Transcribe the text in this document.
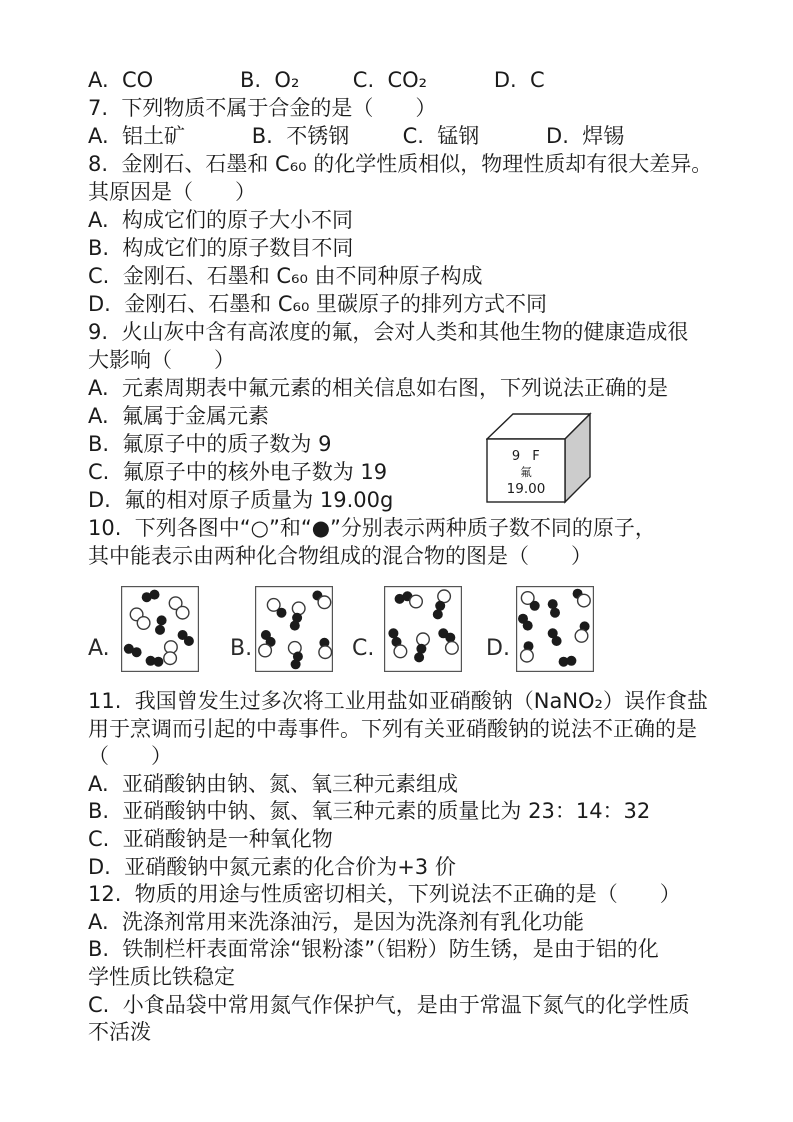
A.  CO             B.  O₂        C.  CO₂          D.  C
7.  下列物质不属于合金的是（　　）
A.  铝土矿          B.  不锈钢        C.  锰钢          D.  焊锡
8.  金刚石、石墨和 C₆₀ 的化学性质相似，物理性质却有很大差异。
其原因是（　　）
A.  构成它们的原子大小不同
B.  构成它们的原子数目不同
C.  金刚石、石墨和 C₆₀ 由不同种原子构成
D.  金刚石、石墨和 C₆₀ 里碳原子的排列方式不同
9.  火山灰中含有高浓度的氟，会对人类和其他生物的健康造成很
大影响（　　）
A.  元素周期表中氟元素的相关信息如右图，下列说法正确的是
A.  氟属于金属元素
B.  氟原子中的质子数为 9
C.  氟原子中的核外电子数为 19
D.  氟的相对原子质量为 19.00g
10.  下列各图中“○”和“●”分别表示两种质子数不同的原子，
其中能表示由两种化合物组成的混合物的图是（　　）
A.	B.	C.	D.
9 F
氟
19.00
11.  我国曾发生过多次将工业用盐如亚硝酸钠（NaNO₂）误作食盐
用于烹调而引起的中毒事件。下列有关亚硝酸钠的说法不正确的是
（　　）
A.  亚硝酸钠由钠、氮、氧三种元素组成
B.  亚硝酸钠中钠、氮、氧三种元素的质量比为 23：14：32
C.  亚硝酸钠是一种氧化物
D.  亚硝酸钠中氮元素的化合价为+3 价
12.  物质的用途与性质密切相关，下列说法不正确的是（　　）
A.  洗涤剂常用来洗涤油污，是因为洗涤剂有乳化功能
B.  铁制栏杆表面常涂“银粉漆”（铝粉）防生锈，是由于铝的化
学性质比铁稳定
C.  小食品袋中常用氮气作保护气，是由于常温下氮气的化学性质
不活泼
